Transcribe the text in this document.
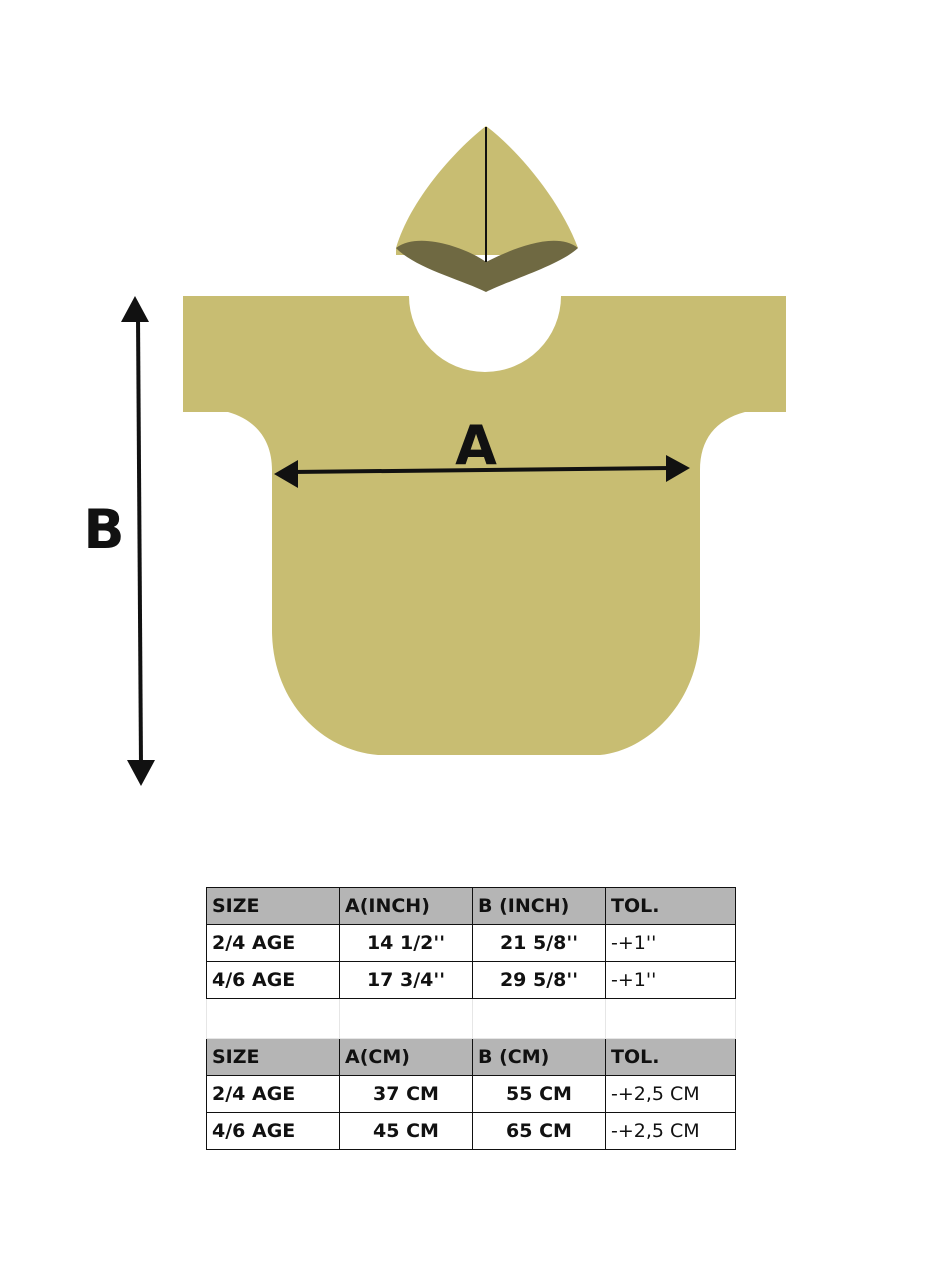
A
B
SIZE	A(INCH)	B (INCH)	TOL.
2/4 AGE	14 1/2''	21 5/8''	-+1''
4/6 AGE	17 3/4''	29 5/8''	-+1''

SIZE	A(CM)	B (CM)	TOL.
2/4 AGE	37 CM	55 CM	-+2,5 CM
4/6 AGE	45 CM	65 CM	-+2,5 CM
